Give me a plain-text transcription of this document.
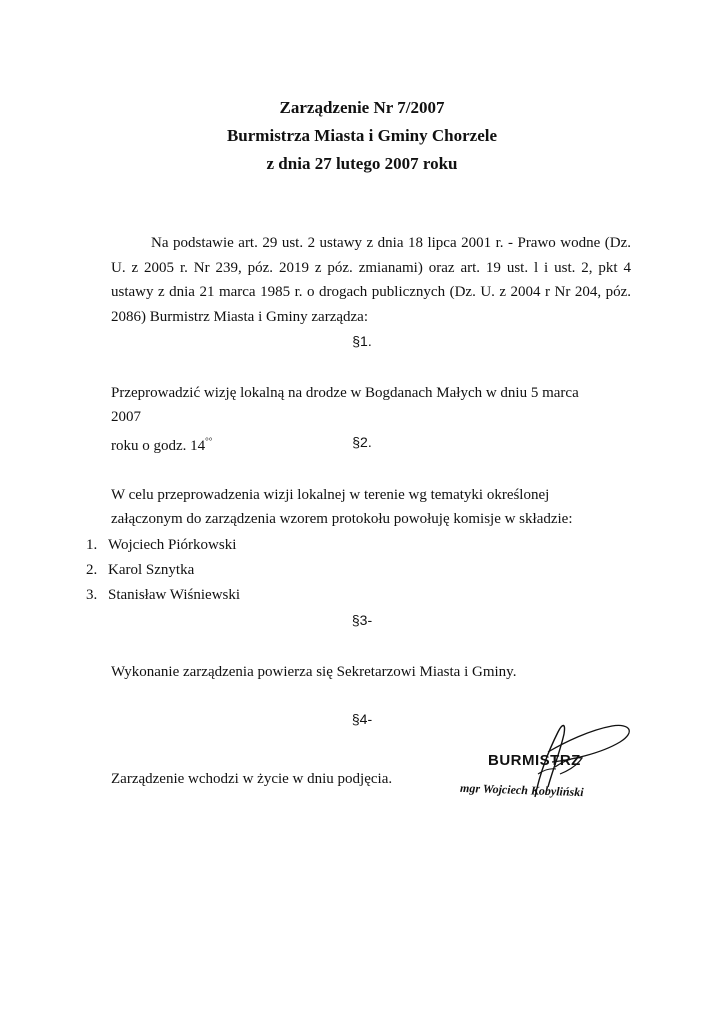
Zarządzenie Nr 7/2007
Burmistrza Miasta i Gminy Chorzele
z dnia 27 lutego 2007 roku

Na podstawie art. 29 ust. 2 ustawy z dnia 18 lipca 2001 r. - Prawo wodne (Dz. U. z 2005 r. Nr 239, póz. 2019 z póz. zmianami) oraz art. 19 ust. l i ust. 2, pkt 4 ustawy z dnia 21 marca 1985 r. o drogach publicznych (Dz. U. z 2004 r Nr 204, póz. 2086) Burmistrz Miasta i Gminy zarządza:

§1.

Przeprowadzić wizję lokalną na drodze w Bogdanach Małych w dniu 5 marca 2007

roku o godz. 14°°	§2.

W celu przeprowadzenia wizji lokalnej w terenie wg tematyki określonej załączonym do zarządzenia wzorem protokołu powołuję komisje w składzie:

1. Wojciech Piórkowski
2. Karol Sznytka
3. Stanisław Wiśniewski
§3-

Wykonanie zarządzenia powierza się Sekretarzowi Miasta i Gminy.

§4-

Zarządzenie wchodzi w życie w dniu podjęcia.

BURMISTRZ
mgr Wojciech Kobyliński
